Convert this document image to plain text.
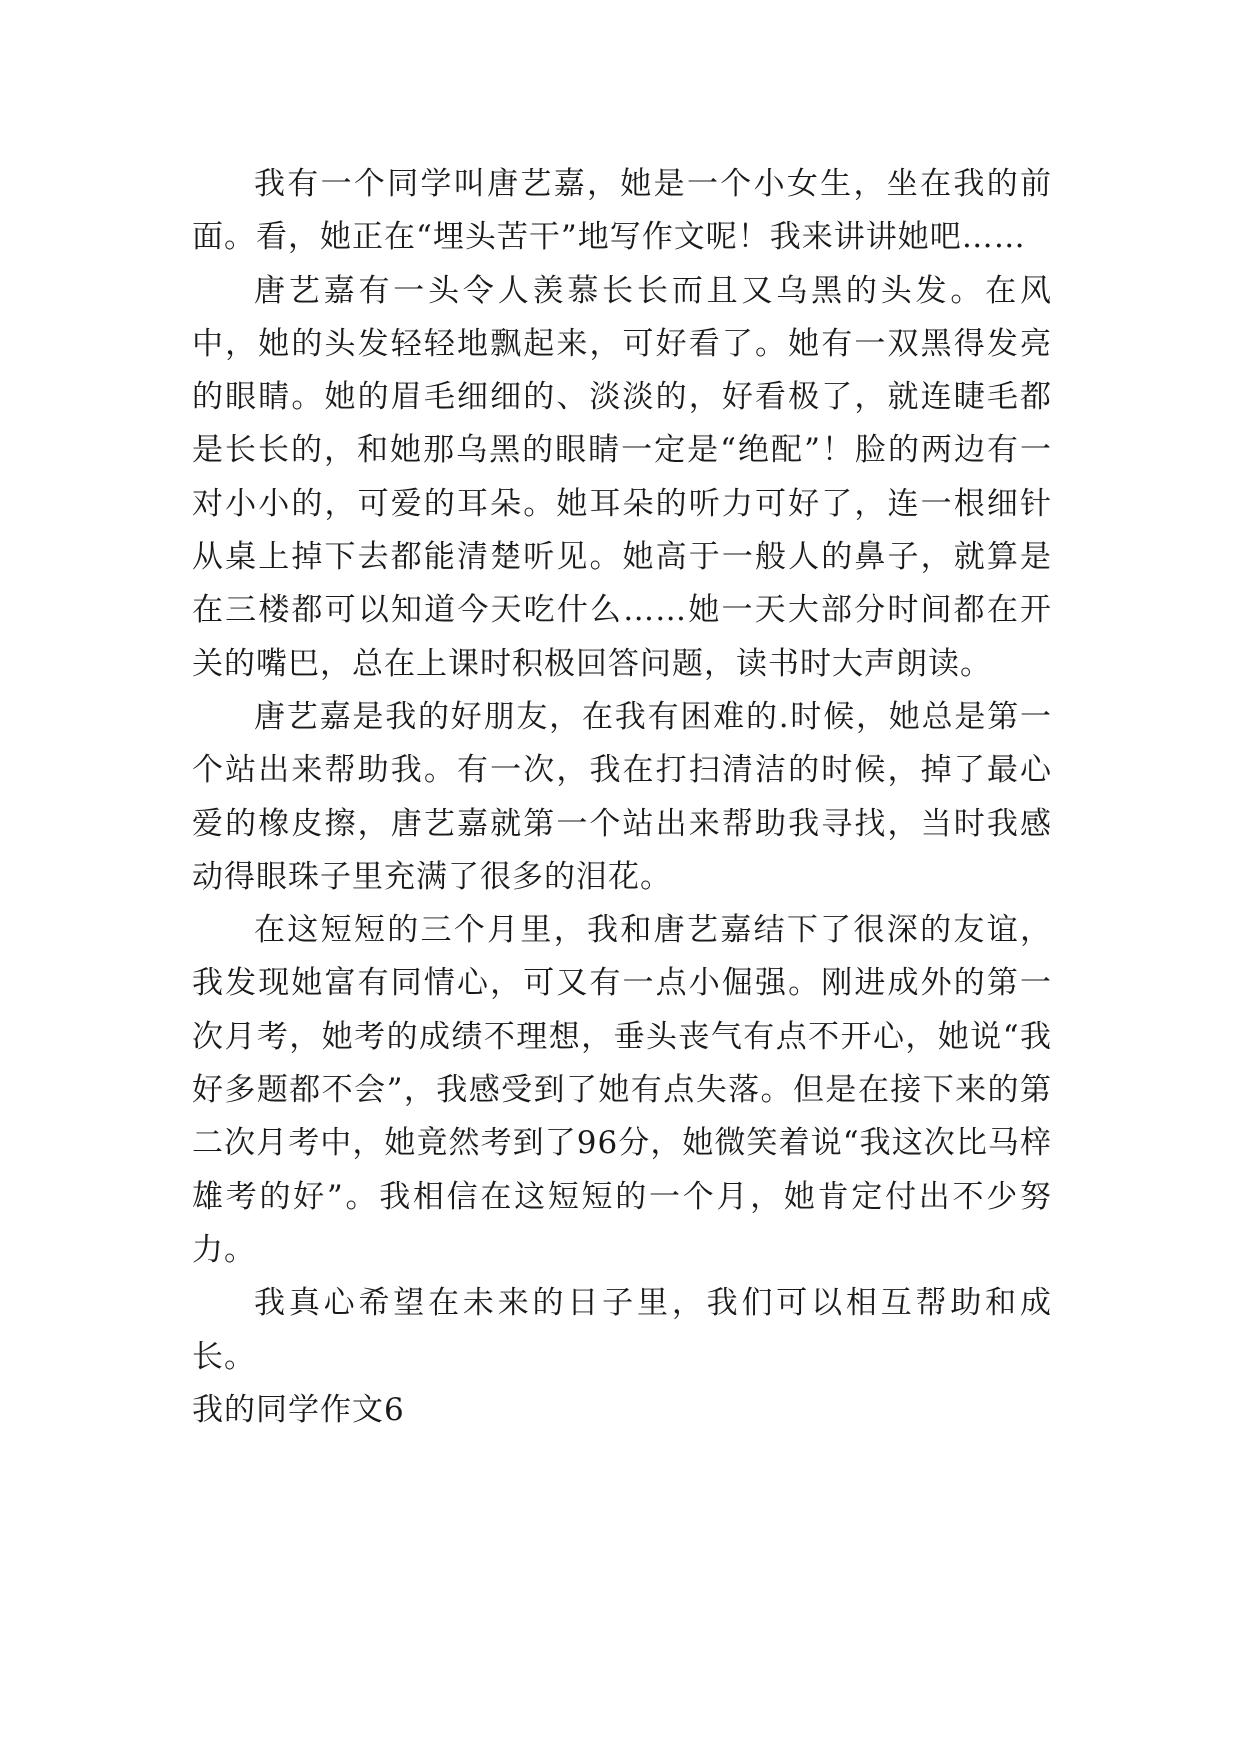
我有一个同学叫唐艺嘉，她是一个小女生，坐在我的前面。看，她正在“埋头苦干”地写作文呢！我来讲讲她吧……

唐艺嘉有一头令人羡慕长长而且又乌黑的头发。在风中，她的头发轻轻地飘起来，可好看了。她有一双黑得发亮的眼睛。她的眉毛细细的、淡淡的，好看极了，就连睫毛都是长长的，和她那乌黑的眼睛一定是“绝配”！脸的两边有一对小小的，可爱的耳朵。她耳朵的听力可好了，连一根细针从桌上掉下去都能清楚听见。她高于一般人的鼻子，就算是在三楼都可以知道今天吃什么……她一天大部分时间都在开关的嘴巴，总在上课时积极回答问题，读书时大声朗读。

唐艺嘉是我的好朋友，在我有困难的.时候，她总是第一个站出来帮助我。有一次，我在打扫清洁的时候，掉了最心爱的橡皮擦，唐艺嘉就第一个站出来帮助我寻找，当时我感动得眼珠子里充满了很多的泪花。

在这短短的三个月里，我和唐艺嘉结下了很深的友谊，我发现她富有同情心，可又有一点小倔强。刚进成外的第一次月考，她考的成绩不理想，垂头丧气有点不开心，她说“我好多题都不会”，我感受到了她有点失落。但是在接下来的第二次月考中，她竟然考到了96分，她微笑着说“我这次比马梓雄考的好”。我相信在这短短的一个月，她肯定付出不少努力。

我真心希望在未来的日子里，我们可以相互帮助和成长。

我的同学作文6
